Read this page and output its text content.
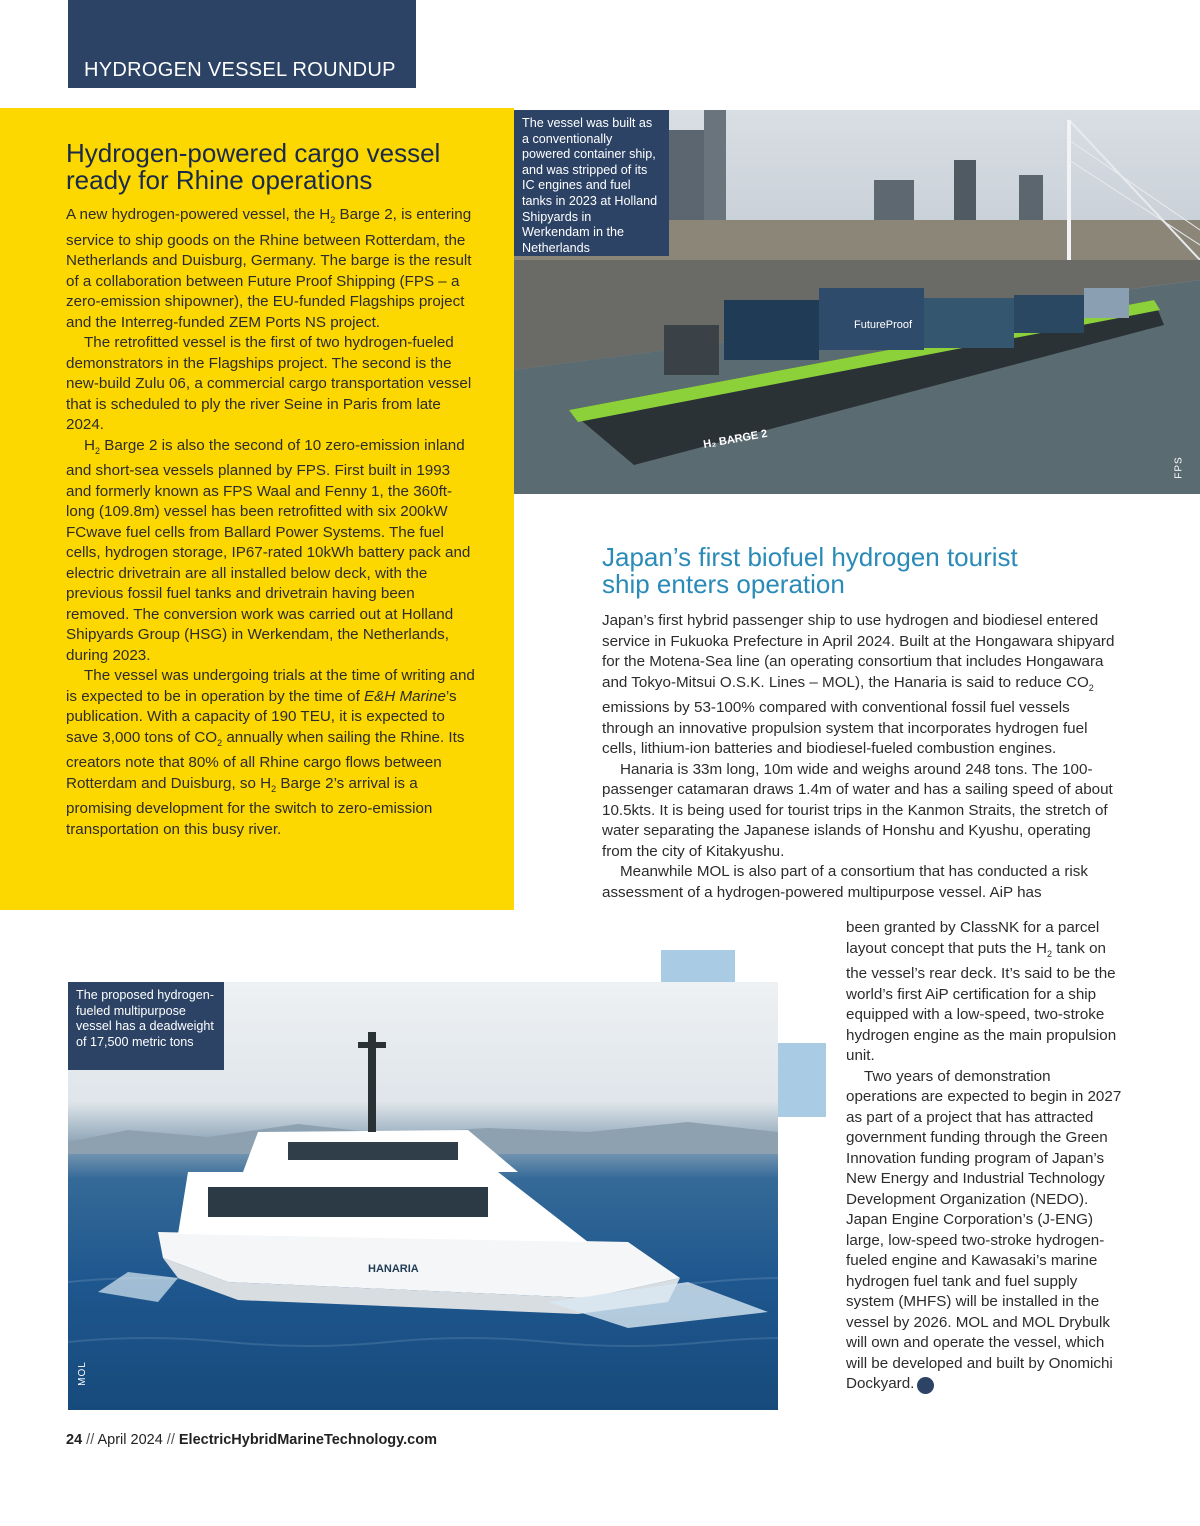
HYDROGEN VESSEL ROUNDUP
Hydrogen-powered cargo vessel ready for Rhine operations

A new hydrogen-powered vessel, the $H_2$ Barge 2, is entering service to ship goods on the Rhine between Rotterdam, the Netherlands and Duisburg, Germany. The barge is the result of a collaboration between Future Proof Shipping (FPS – a zero-emission shipowner), the EU-funded Flagships project and the Interreg-funded ZEM Ports NS project.

The retrofitted vessel is the first of two hydrogen-fueled demonstrators in the Flagships project. The second is the new-build Zulu 06, a commercial cargo transportation vessel that is scheduled to ply the river Seine in Paris from late 2024.

$H_2$ Barge 2 is also the second of 10 zero-emission inland and short-sea vessels planned by FPS. First built in 1993 and formerly known as FPS Waal and Fenny 1, the 360ft-long (109.8m) vessel has been retrofitted with six 200kW FCwave fuel cells from Ballard Power Systems. The fuel cells, hydrogen storage, IP67-rated 10kWh battery pack and electric drivetrain are all installed below deck, with the previous fossil fuel tanks and drivetrain having been removed. The conversion work was carried out at Holland Shipyards Group (HSG) in Werkendam, the Netherlands, during 2023.

The vessel was undergoing trials at the time of writing and is expected to be in operation by the time of E&H Marine’s publication. With a capacity of 190 TEU, it is expected to save 3,000 tons of $CO_2$ annually when sailing the Rhine. Its creators note that 80% of all Rhine cargo flows between Rotterdam and Duisburg, so $H_2$ Barge 2’s arrival is a promising development for the switch to zero-emission transportation on this busy river.

FutureProof
H₂ BARGE 2
The vessel was built as a conventionally powered container ship, and was stripped of its IC engines and fuel tanks in 2023 at Holland Shipyards in Werkendam in the Netherlands
FPS
Japan’s first biofuel hydrogen tourist ship enters operation

Japan’s first hybrid passenger ship to use hydrogen and biodiesel entered service in Fukuoka Prefecture in April 2024. Built at the Hongawara shipyard for the Motena-Sea line (an operating consortium that includes Hongawara and Tokyo-Mitsui O.S.K. Lines – MOL), the Hanaria is said to reduce $CO_2$ emissions by 53-100% compared with conventional fossil fuel vessels through an innovative propulsion system that incorporates hydrogen fuel cells, lithium-ion batteries and biodiesel-fueled combustion engines.

Hanaria is 33m long, 10m wide and weighs around 248 tons. The 100-passenger catamaran draws 1.4m of water and has a sailing speed of about 10.5kts. It is being used for tourist trips in the Kanmon Straits, the stretch of water separating the Japanese islands of Honshu and Kyushu, operating from the city of Kitakyushu.

Meanwhile MOL is also part of a consortium that has conducted a risk assessment of a hydrogen-powered multipurpose vessel. AiP has

HANARIA
The proposed hydrogen-fueled multipurpose vessel has a deadweight of 17,500 metric tons
MOL

been granted by ClassNK for a parcel layout concept that puts the $H_2$ tank on the vessel’s rear deck. It’s said to be the world’s first AiP certification for a ship equipped with a low-speed, two-stroke hydrogen engine as the main propulsion unit.

Two years of demonstration operations are expected to begin in 2027 as part of a project that has attracted government funding through the Green Innovation funding program of Japan’s New Energy and Industrial Technology Development Organization (NEDO). Japan Engine Corporation’s (J-ENG) large, low-speed two-stroke hydrogen-fueled engine and Kawasaki’s marine hydrogen fuel tank and fuel supply system (MHFS) will be installed in the vessel by 2026. MOL and MOL Drybulk will own and operate the vessel, which will be developed and built by Onomichi Dockyard. +

24 // April 2024 // ElectricHybridMarineTechnology.com
